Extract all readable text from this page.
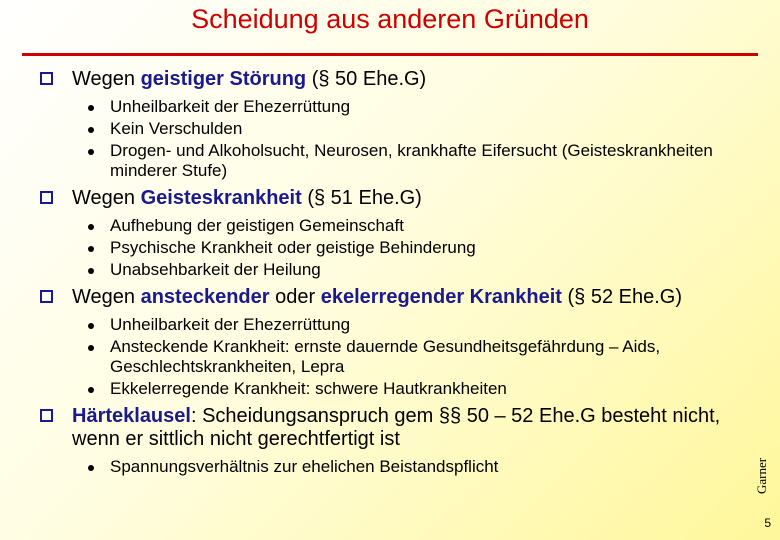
Scheidung aus anderen Gründen
Wegen geistiger Störung (§ 50 Ehe.G)
Unheilbarkeit der Ehezerrüttung
Kein Verschulden
Drogen- und Alkoholsucht, Neurosen, krankhafte Eifersucht (Geisteskrankheiten minderer Stufe)
Wegen Geisteskrankheit (§ 51 Ehe.G)
Aufhebung der geistigen Gemeinschaft
Psychische Krankheit oder geistige Behinderung
Unabsehbarkeit der Heilung
Wegen ansteckender oder ekelerregender Krankheit (§ 52 Ehe.G)
Unheilbarkeit der Ehezerrüttung
Ansteckende Krankheit: ernste dauernde Gesundheitsgefährdung – Aids, Geschlechtskrankheiten, Lepra
Ekkelerregende Krankheit: schwere Hautkrankheiten
Härteklausel: Scheidungsanspruch gem §§ 50 – 52 Ehe.G besteht nicht, wenn er sittlich nicht gerechtfertigt ist
Spannungsverhältnis zur ehelichen Beistandspflicht	Garner
5
